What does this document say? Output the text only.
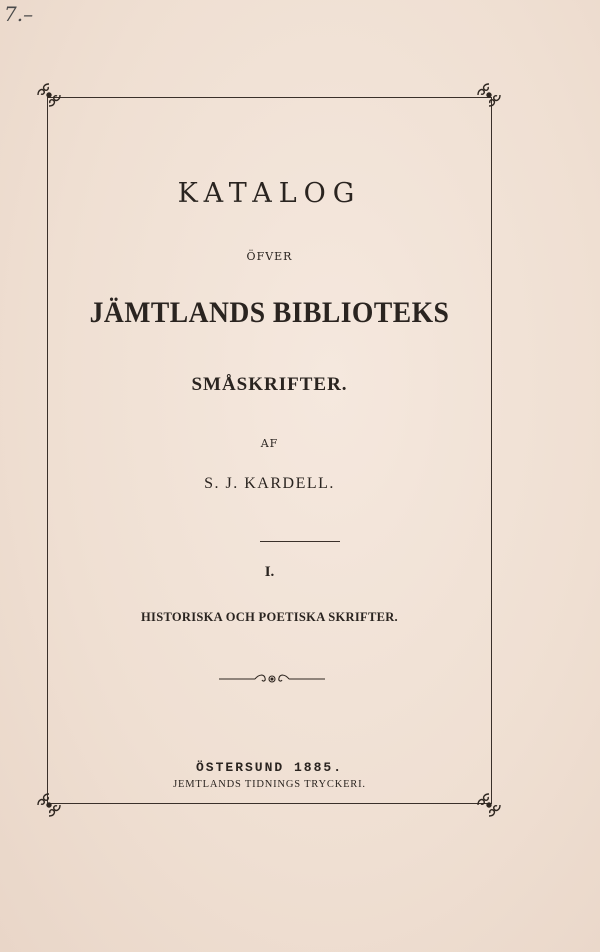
7.–
KATALOG
ÖFVER
JÄMTLANDS BIBLIOTEKS
SMÅSKRIFTER.
AF
S. J. KARDELL.
I.
HISTORISKA OCH POETISKA SKRIFTER.
ÖSTERSUND 1885.
JEMTLANDS TIDNINGS TRYCKERI.
